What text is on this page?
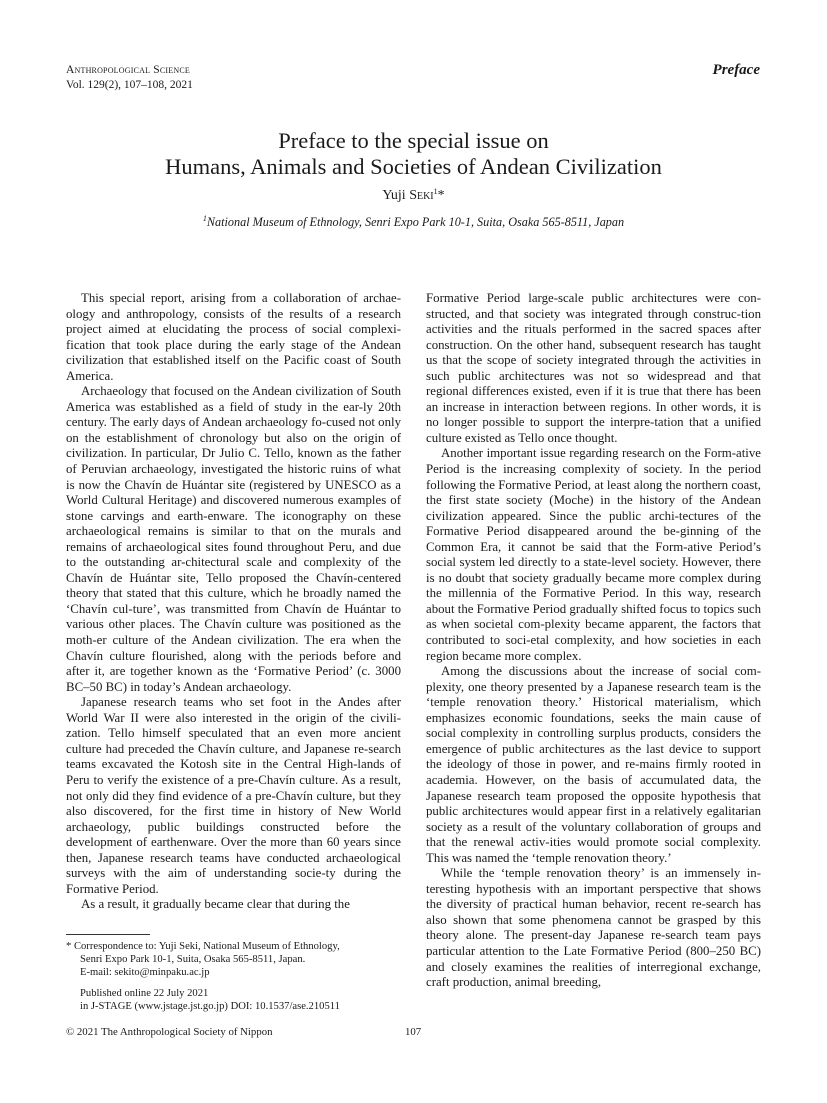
Anthropological Science
Vol. 129(2), 107–108, 2021
Preface
Preface to the special issue on
Humans, Animals and Societies of Andean Civilization
Yuji Seki$^1$*
$^1$National Museum of Ethnology, Senri Expo Park 10-1, Suita, Osaka 565-8511, Japan

This special report, arising from a collaboration of archae-ology and anthropology, consists of the results of a research project aimed at elucidating the process of social complexi-fication that took place during the early stage of the Andean civilization that established itself on the Pacific coast of South America.

Archaeology that focused on the Andean civilization of South America was established as a field of study in the ear-ly 20th century. The early days of Andean archaeology fo-cused not only on the establishment of chronology but also on the origin of civilization. In particular, Dr Julio C. Tello, known as the father of Peruvian archaeology, investigated the historic ruins of what is now the Chavín de Huántar site (registered by UNESCO as a World Cultural Heritage) and discovered numerous examples of stone carvings and earth-enware. The iconography on these archaeological remains is similar to that on the murals and remains of archaeological sites found throughout Peru, and due to the outstanding ar-chitectural scale and complexity of the Chavín de Huántar site, Tello proposed the Chavín-centered theory that stated that this culture, which he broadly named the ‘Chavín cul-ture’, was transmitted from Chavín de Huántar to various other places. The Chavín culture was positioned as the moth-er culture of the Andean civilization. The era when the Chavín culture flourished, along with the periods before and after it, are together known as the ‘Formative Period’ (c. 3000 BC–50 BC) in today’s Andean archaeology.

Japanese research teams who set foot in the Andes after World War II were also interested in the origin of the civili-zation. Tello himself speculated that an even more ancient culture had preceded the Chavín culture, and Japanese re-search teams excavated the Kotosh site in the Central High-lands of Peru to verify the existence of a pre-Chavín culture. As a result, not only did they find evidence of a pre-Chavín culture, but they also discovered, for the first time in history of New World archaeology, public buildings constructed before the development of earthenware. Over the more than 60 years since then, Japanese research teams have conducted archaeological surveys with the aim of understanding socie-ty during the Formative Period.

As a result, it gradually became clear that during the

Formative Period large-scale public architectures were con-structed, and that society was integrated through construc-tion activities and the rituals performed in the sacred spaces after construction. On the other hand, subsequent research has taught us that the scope of society integrated through the activities in such public architectures was not so widespread and that regional differences existed, even if it is true that there has been an increase in interaction between regions. In other words, it is no longer possible to support the interpre-tation that a unified culture existed as Tello once thought.

Another important issue regarding research on the Form-ative Period is the increasing complexity of society. In the period following the Formative Period, at least along the northern coast, the first state society (Moche) in the history of the Andean civilization appeared. Since the public archi-tectures of the Formative Period disappeared around the be-ginning of the Common Era, it cannot be said that the Form-ative Period’s social system led directly to a state-level society. However, there is no doubt that society gradually became more complex during the millennia of the Formative Period. In this way, research about the Formative Period gradually shifted focus to topics such as when societal com-plexity became apparent, the factors that contributed to soci-etal complexity, and how societies in each region became more complex.

Among the discussions about the increase of social com-plexity, one theory presented by a Japanese research team is the ‘temple renovation theory.’ Historical materialism, which emphasizes economic foundations, seeks the main cause of social complexity in controlling surplus products, considers the emergence of public architectures as the last device to support the ideology of those in power, and re-mains firmly rooted in academia. However, on the basis of accumulated data, the Japanese research team proposed the opposite hypothesis that public architectures would appear first in a relatively egalitarian society as a result of the voluntary collaboration of groups and that the renewal activ-ities would promote social complexity. This was named the ‘temple renovation theory.’

While the ‘temple renovation theory’ is an immensely in-teresting hypothesis with an important perspective that shows the diversity of practical human behavior, recent re-search has also shown that some phenomena cannot be grasped by this theory alone. The present-day Japanese re-search team pays particular attention to the Late Formative Period (800–250 BC) and closely examines the realities of interregional exchange, craft production, animal breeding,

* Correspondence to: Yuji Seki, National Museum of Ethnology,
Senri Expo Park 10-1, Suita, Osaka 565-8511, Japan.
E-mail: sekito@minpaku.ac.jp
Published online 22 July 2021
in J-STAGE (www.jstage.jst.go.jp) DOI: 10.1537/ase.210511
© 2021 The Anthropological Society of Nippon	107
